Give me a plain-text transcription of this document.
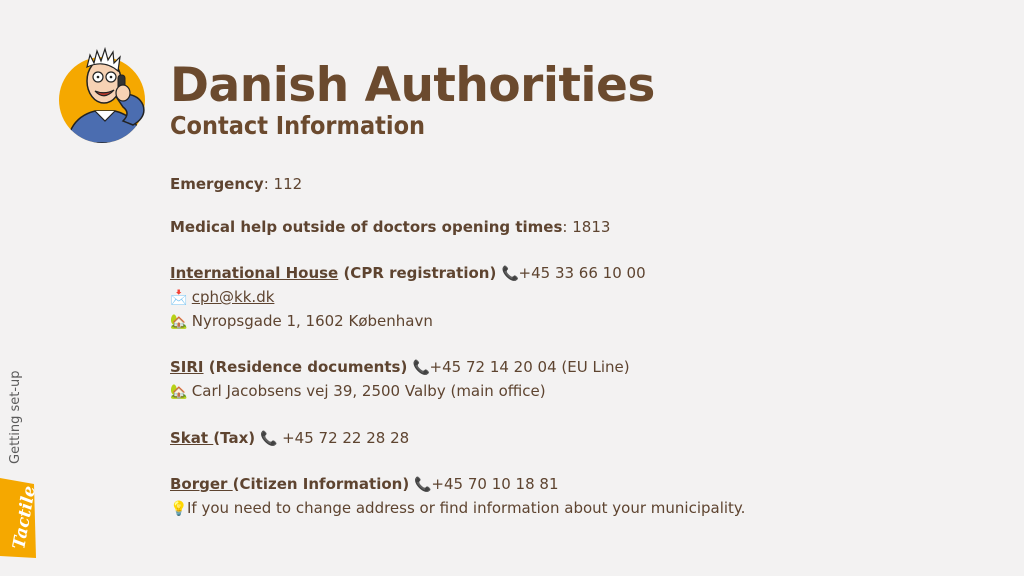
Danish Authorities
Contact Information
Emergency: 112
Medical help outside of doctors opening times: 1813
International House (CPR registration) 📞+45 33 66 10 00
📩 cph@kk.dk
🏡 Nyropsgade 1, 1602 København
SIRI (Residence documents) 📞+45 72 14 20 04 (EU Line)
🏡 Carl Jacobsens vej 39, 2500 Valby (main office)
Skat (Tax) 📞 +45 72 22 28 28
Borger (Citizen Information) 📞+45 70 10 18 81
💡If you need to change address or find information about your municipality.
Getting set-up
Tactile
